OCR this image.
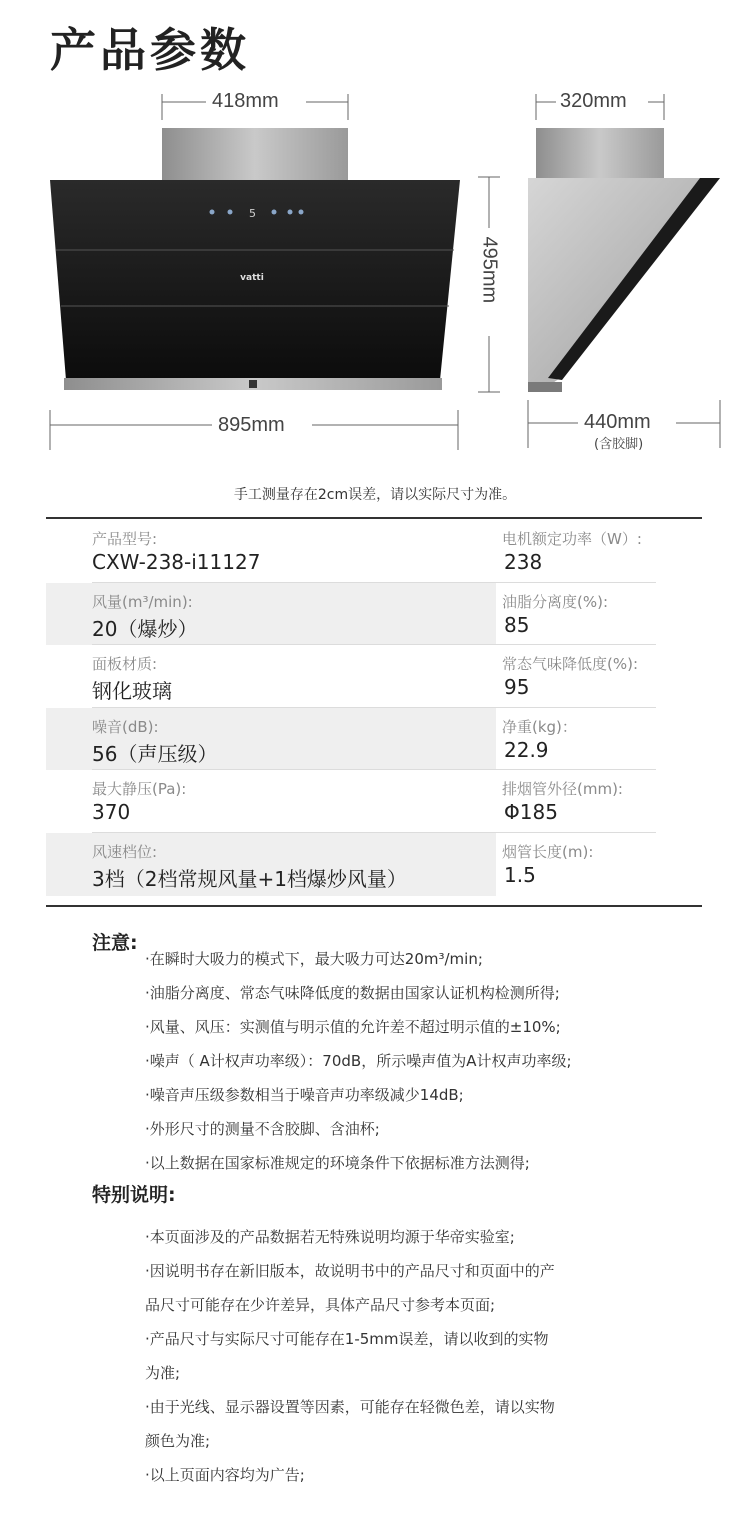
产品参数
5
vatti
418mm	320mm
495mm
895mm	440mm
(含胶脚)
手工测量存在2cm误差，请以实际尺寸为准。
产品型号:
CXW-238-i11127
电机额定功率（W）:
238
风量(m³/min):
20（爆炒）
油脂分离度(%):
85
面板材质:
钢化玻璃
常态气味降低度(%):
95
噪音(dB):
56（声压级）
净重(kg)：
22.9
最大静压(Pa):
370
排烟管外径(mm):
Φ185
风速档位:
3档（2档常规风量+1档爆炒风量）
烟管长度(m):
1.5
注意:
·在瞬时大吸力的模式下，最大吸力可达20m³/min;
·油脂分离度、常态气味降低度的数据由国家认证机构检测所得;
·风量、风压：实测值与明示值的允许差不超过明示值的±10%;
·噪声（ A计权声功率级）：70dB，所示噪声值为A计权声功率级;
·噪音声压级参数相当于噪音声功率级减少14dB;
·外形尺寸的测量不含胶脚、含油杯;
·以上数据在国家标准规定的环境条件下依据标准方法测得;
特别说明:
·本页面涉及的产品数据若无特殊说明均源于华帝实验室;
·因说明书存在新旧版本，故说明书中的产品尺寸和页面中的产
品尺寸可能存在少许差异，具体产品尺寸参考本页面;
·产品尺寸与实际尺寸可能存在1-5mm误差，请以收到的实物
为准;
·由于光线、显示器设置等因素，可能存在轻微色差，请以实物
颜色为准;
·以上页面内容均为广告;
